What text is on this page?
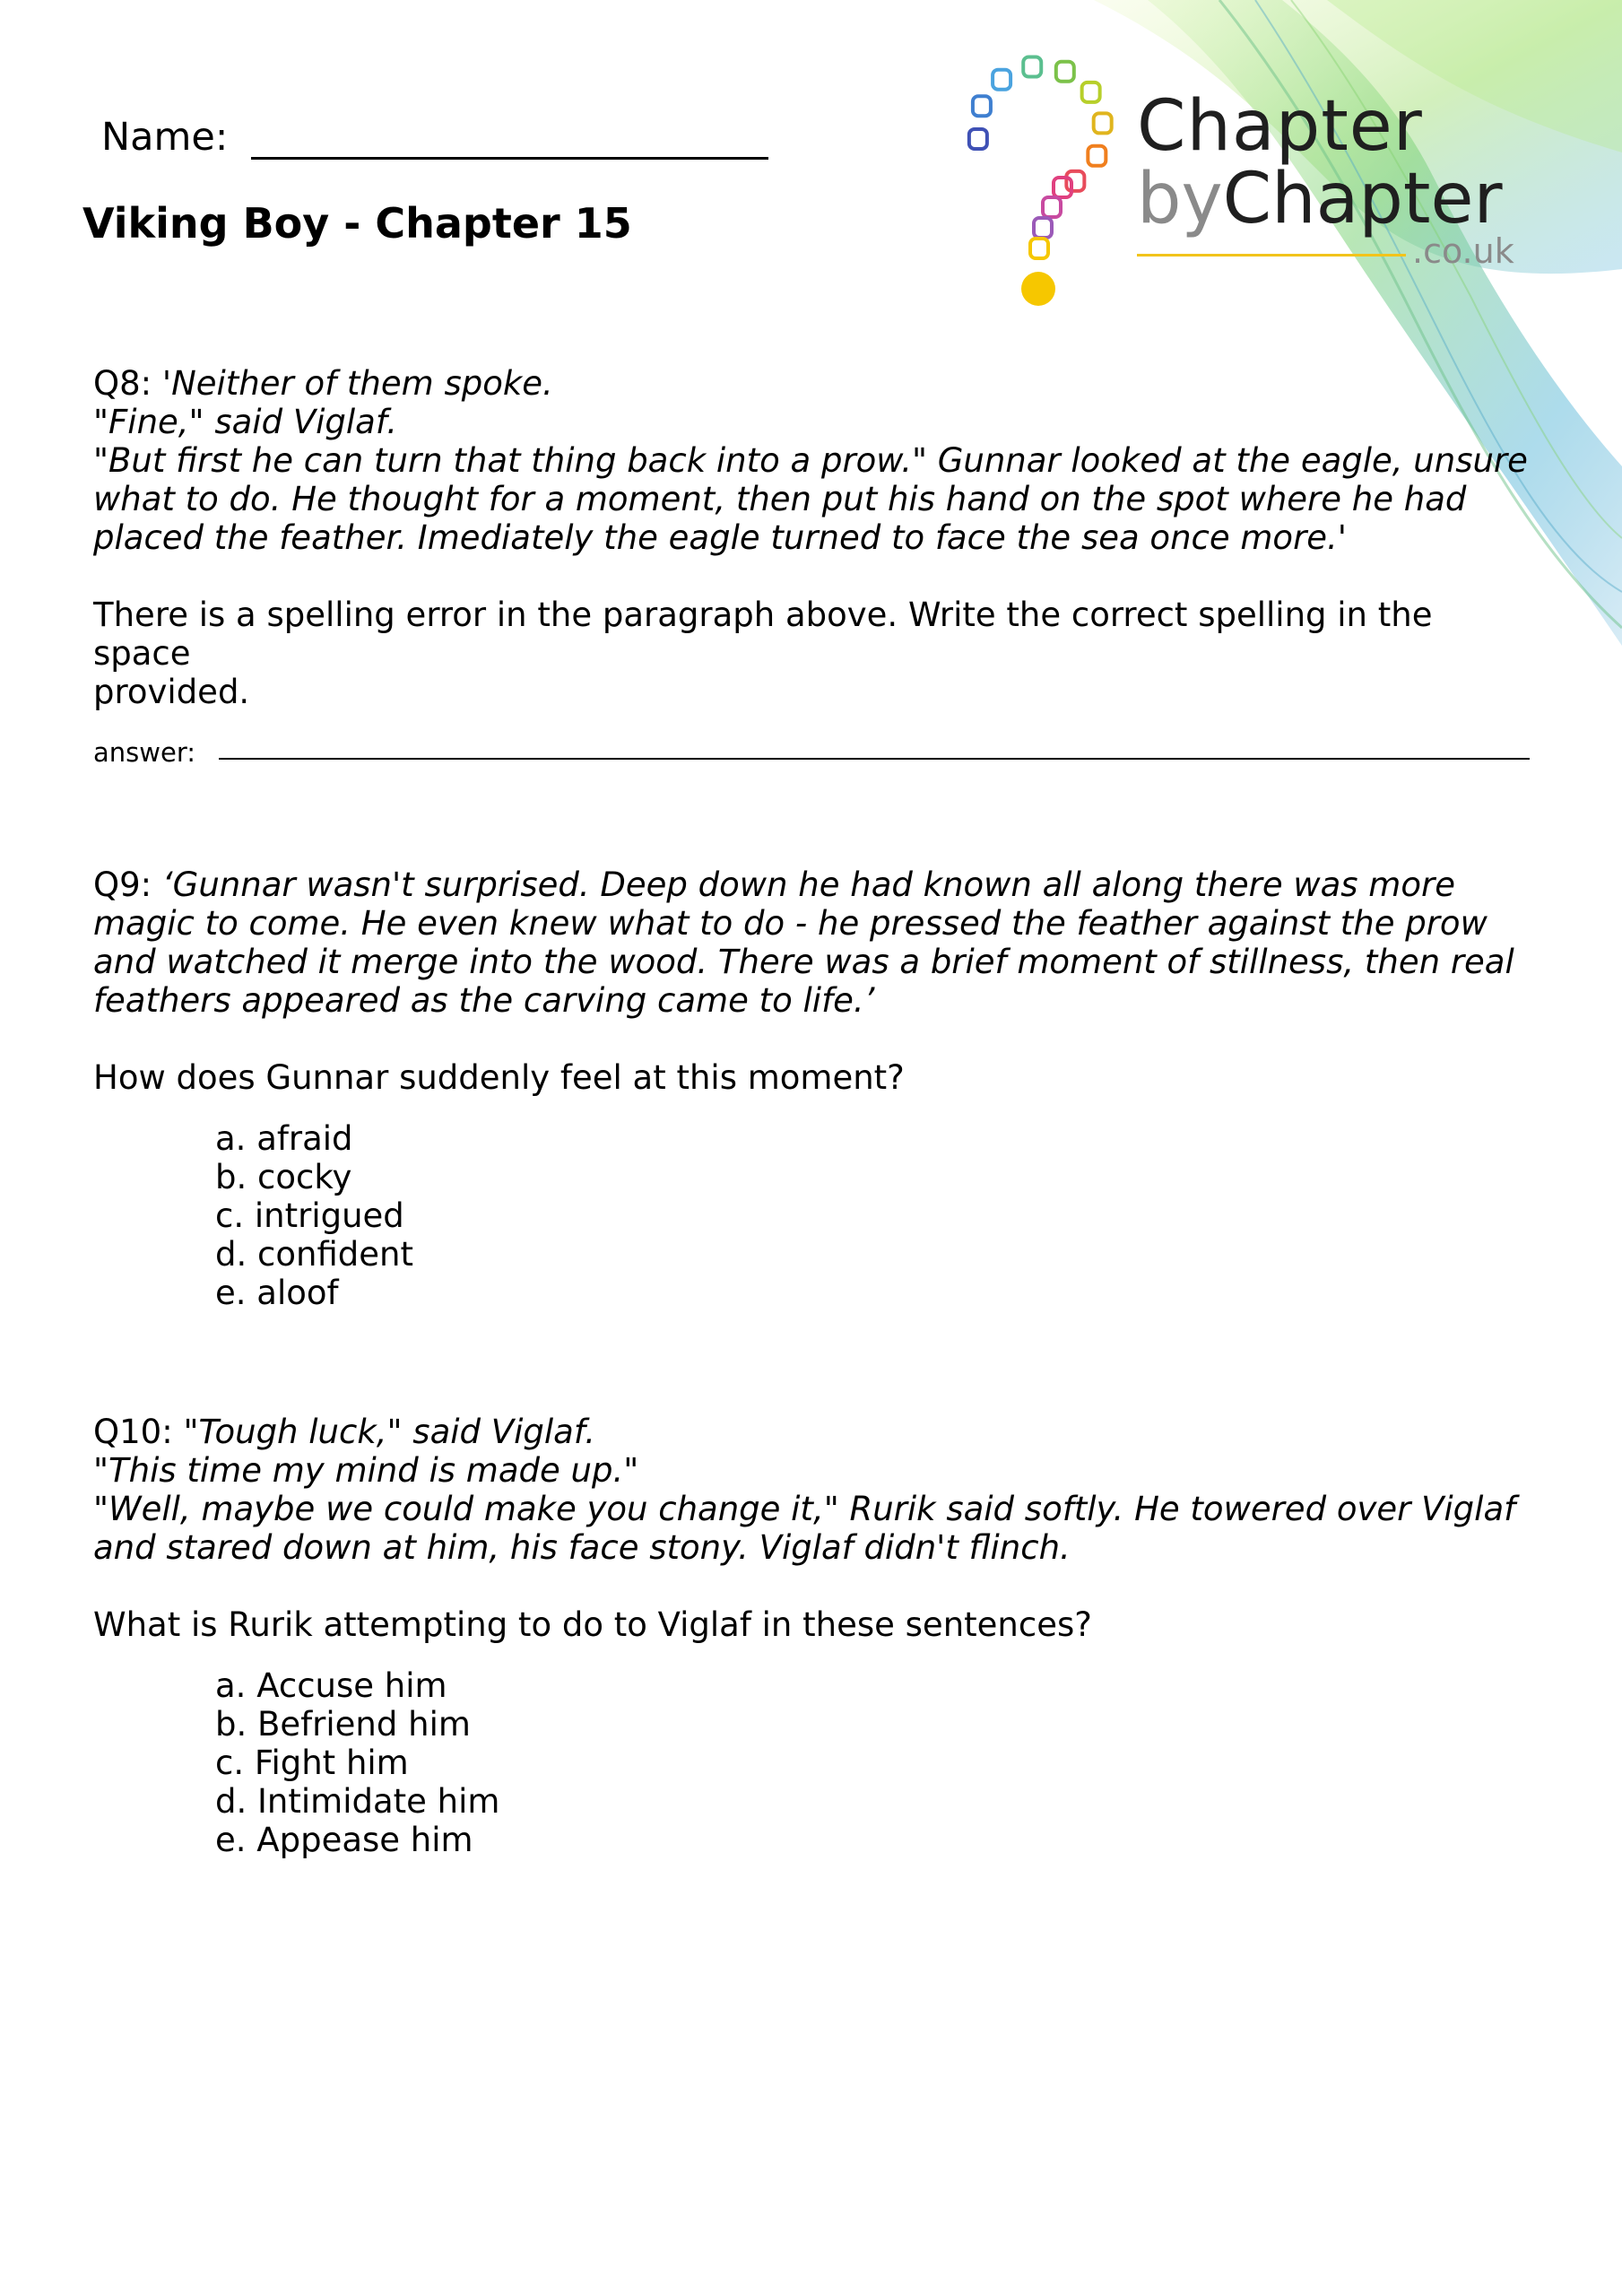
Name:
Viking Boy - Chapter 15
Chapter
byChapter
.co.uk
Q8: 'Neither of them spoke.
"Fine," said Viglaf.
"But first he can turn that thing back into a prow." Gunnar looked at the eagle, unsure
what to do. He thought for a moment, then put his hand on the spot where he had
placed the feather. Imediately the eagle turned to face the sea once more.'
There is a spelling error in the paragraph above. Write the correct spelling in the space
provided.
answer:
Q9: ‘Gunnar wasn't surprised. Deep down he had known all along there was more
magic to come. He even knew what to do - he pressed the feather against the prow
and watched it merge into the wood. There was a brief moment of stillness, then real
feathers appeared as the carving came to life.’
How does Gunnar suddenly feel at this moment?
a. afraid
b. cocky
c. intrigued
d. confident
e. aloof
Q10: "Tough luck," said Viglaf.
"This time my mind is made up."
"Well, maybe we could make you change it," Rurik said softly. He towered over Viglaf
and stared down at him, his face stony. Viglaf didn't flinch.
What is Rurik attempting to do to Viglaf in these sentences?
a. Accuse him
b. Befriend him
c. Fight him
d. Intimidate him
e. Appease him
